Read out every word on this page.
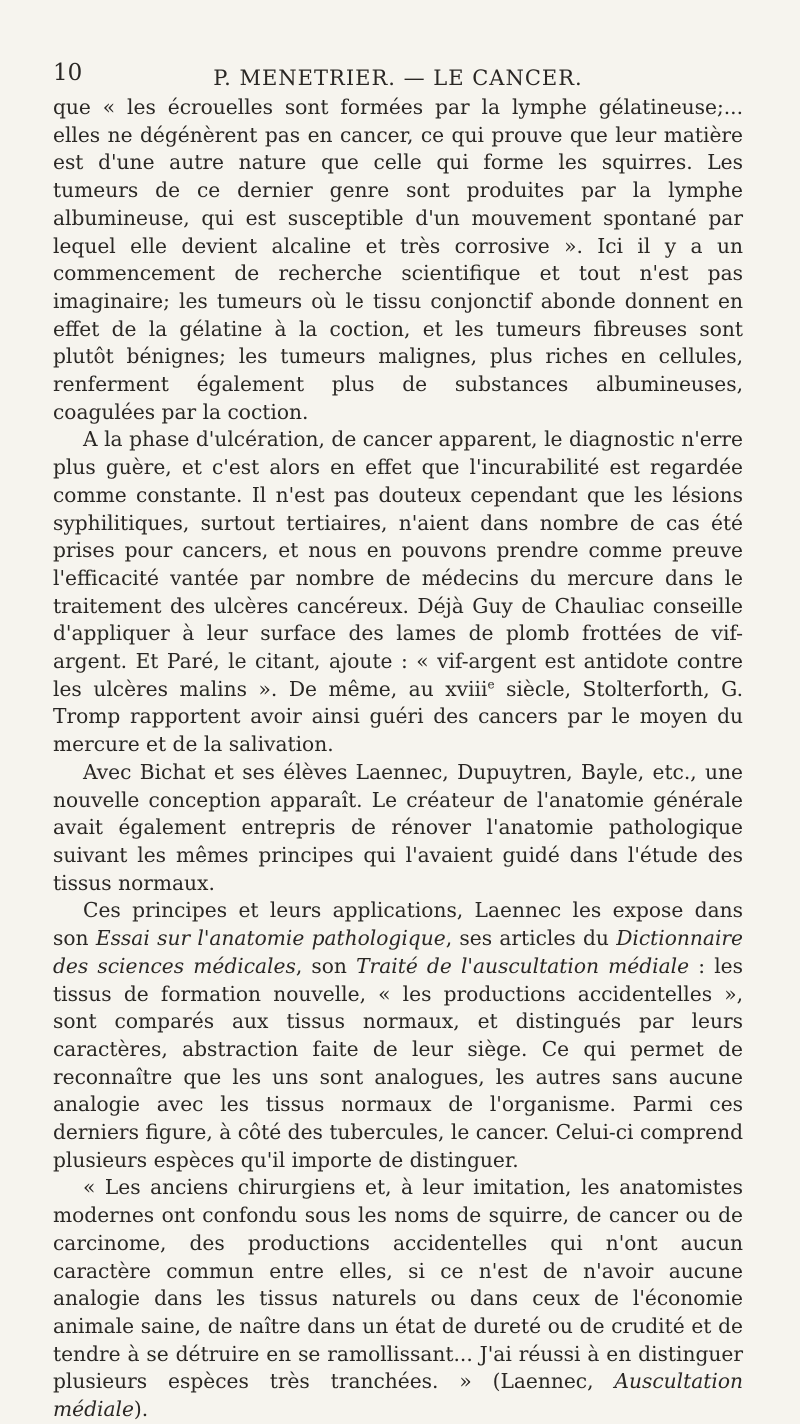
10	P. MENETRIER. — LE CANCER.

que « les écrouelles sont formées par la lymphe gélatineuse;... elles ne dégénèrent pas en cancer, ce qui prouve que leur matière est d'une autre nature que celle qui forme les squirres. Les tumeurs de ce dernier genre sont produites par la lymphe albumineuse, qui est susceptible d'un mouvement spontané par lequel elle devient alcaline et très corrosive ». Ici il y a un commencement de recherche scientifique et tout n'est pas imaginaire; les tumeurs où le tissu conjonctif abonde donnent en effet de la gélatine à la coction, et les tumeurs fibreuses sont plutôt bénignes; les tumeurs malignes, plus riches en cellules, renferment également plus de substances albumineuses, coagulées par la coction.

A la phase d'ulcération, de cancer apparent, le diagnostic n'erre plus guère, et c'est alors en effet que l'incurabilité est regardée comme constante. Il n'est pas douteux cependant que les lésions syphilitiques, surtout tertiaires, n'aient dans nombre de cas été prises pour cancers, et nous en pouvons prendre comme preuve l'efficacité vantée par nombre de médecins du mercure dans le traitement des ulcères cancéreux. Déjà Guy de Chauliac conseille d'appliquer à leur surface des lames de plomb frottées de vif-argent. Et Paré, le citant, ajoute : « vif-argent est antidote contre les ulcères malins ». De même, au xviii$^e$ siècle, Stolterforth, G. Tromp rapportent avoir ainsi guéri des cancers par le moyen du mercure et de la salivation.

Avec Bichat et ses élèves Laennec, Dupuytren, Bayle, etc., une nouvelle conception apparaît. Le créateur de l'anatomie générale avait également entrepris de rénover l'anatomie pathologique suivant les mêmes principes qui l'avaient guidé dans l'étude des tissus normaux.

Ces principes et leurs applications, Laennec les expose dans son Essai sur l'anatomie pathologique, ses articles du Dictionnaire des sciences médicales, son Traité de l'auscultation médiale : les tissus de formation nouvelle, « les productions accidentelles », sont comparés aux tissus normaux, et distingués par leurs caractères, abstraction faite de leur siège. Ce qui permet de reconnaître que les uns sont analogues, les autres sans aucune analogie avec les tissus normaux de l'organisme. Parmi ces derniers figure, à côté des tubercules, le cancer. Celui-ci comprend plusieurs espèces qu'il importe de distinguer.

« Les anciens chirurgiens et, à leur imitation, les anatomistes modernes ont confondu sous les noms de squirre, de cancer ou de carcinome, des productions accidentelles qui n'ont aucun caractère commun entre elles, si ce n'est de n'avoir aucune analogie dans les tissus naturels ou dans ceux de l'économie animale saine, de naître dans un état de dureté ou de crudité et de tendre à se détruire en se ramollissant... J'ai réussi à en distinguer plusieurs espèces très tranchées. » (Laennec, Auscultation médiale).
